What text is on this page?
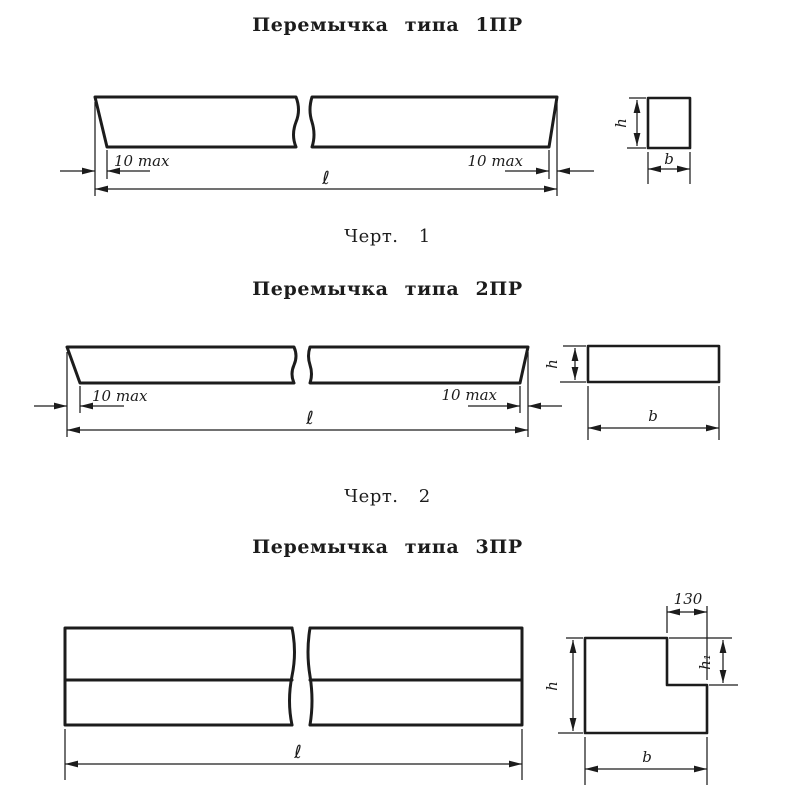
Перемычка типа 1ПР
Черт. 1
Перемычка типа 2ПР
Черт. 2
Перемычка типа 3ПР
10 max	10 max
ℓ
h
b
10 max	10 max
ℓ
h
b
ℓ
130
h₁
h
b
